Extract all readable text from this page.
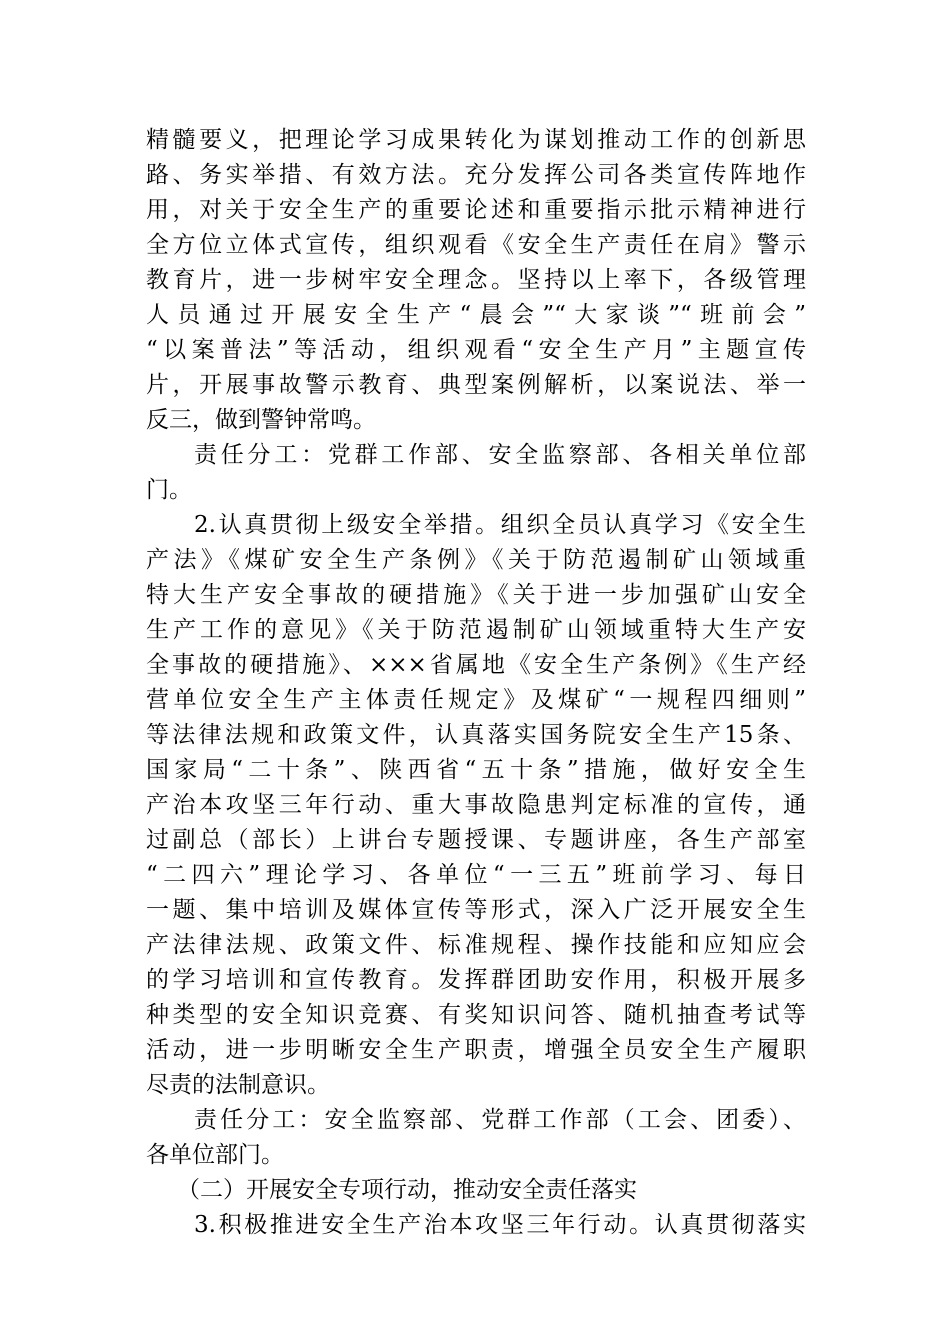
精髓要义，把理论学习成果转化为谋划推动工作的创新思
路、务实举措、有效方法。充分发挥公司各类宣传阵地作
用，对关于安全生产的重要论述和重要指示批示精神进行
全方位立体式宣传，组织观看《安全生产责任在肩》警示
教育片，进一步树牢安全理念。坚持以上率下，各级管理
人员通过开展安全生产“晨会”“大家谈”“班前会”
“以案普法”等活动，组织观看“安全生产月”主题宣传
片，开展事故警示教育、典型案例解析，以案说法、举一
反三，做到警钟常鸣。
责任分工：党群工作部、安全监察部、各相关单位部
门。
2.认真贯彻上级安全举措。组织全员认真学习《安全生
产法》《煤矿安全生产条例》《关于防范遏制矿山领域重
特大生产安全事故的硬措施》《关于进一步加强矿山安全
生产工作的意见》《关于防范遏制矿山领域重特大生产安
全事故的硬措施》、×××省属地《安全生产条例》《生产经
营单位安全生产主体责任规定》及煤矿“一规程四细则”
等法律法规和政策文件，认真落实国务院安全生产15条、
国家局“二十条”、陕西省“五十条”措施，做好安全生
产治本攻坚三年行动、重大事故隐患判定标准的宣传，通
过副总（部长）上讲台专题授课、专题讲座，各生产部室
“二四六”理论学习、各单位“一三五”班前学习、每日
一题、集中培训及媒体宣传等形式，深入广泛开展安全生
产法律法规、政策文件、标准规程、操作技能和应知应会
的学习培训和宣传教育。发挥群团助安作用，积极开展多
种类型的安全知识竞赛、有奖知识问答、随机抽查考试等
活动，进一步明晰安全生产职责，增强全员安全生产履职
尽责的法制意识。
责任分工：安全监察部、党群工作部（工会、团委）、
各单位部门。
（二）开展安全专项行动，推动安全责任落实
3.积极推进安全生产治本攻坚三年行动。认真贯彻落实
